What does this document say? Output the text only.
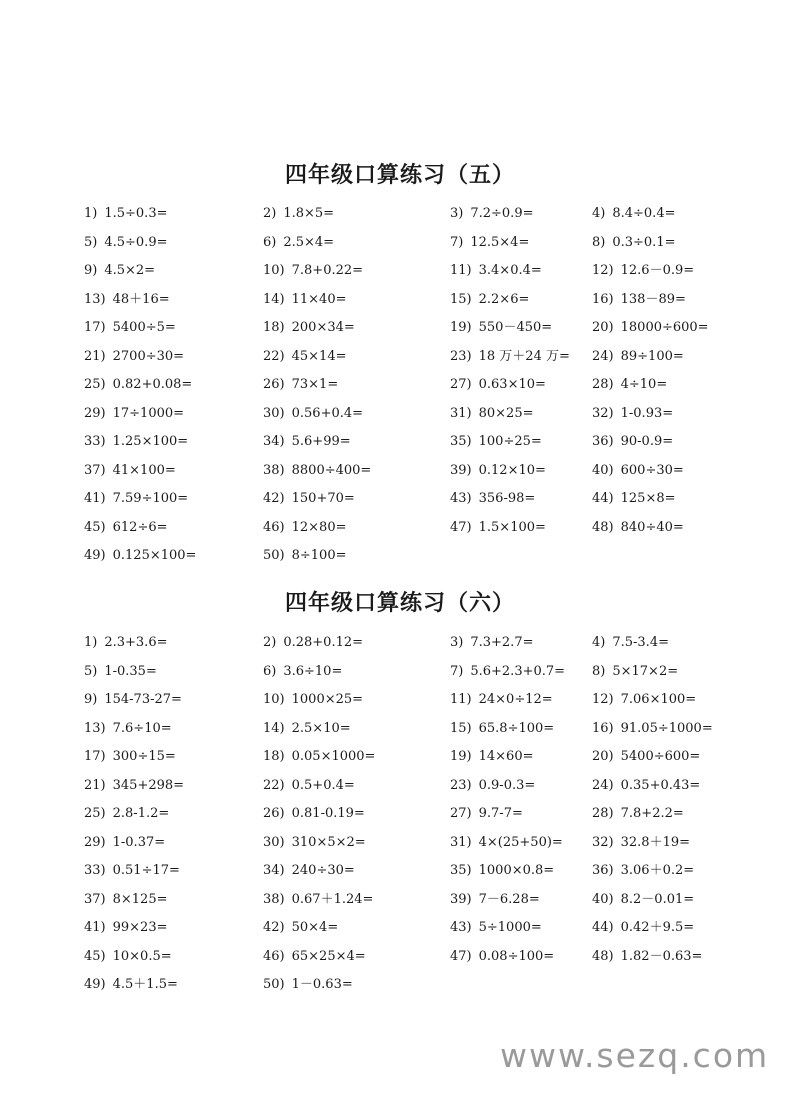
四年级口算练习（五）
1) 1.5÷0.3=	2) 1.8×5=	3) 7.2÷0.9=	4) 8.4÷0.4=
5) 4.5÷0.9=	6) 2.5×4=	7) 12.5×4=	8) 0.3÷0.1=
9) 4.5×2=	10) 7.8+0.22=	11) 3.4×0.4=	12) 12.6－0.9=
13) 48＋16=	14) 11×40=	15) 2.2×6=	16) 138－89=
17) 5400÷5=	18) 200×34=	19) 550－450=	20) 18000÷600=
21) 2700÷30=	22) 45×14=	23) 18 万＋24 万= 24) 89÷100=
25) 0.82+0.08=	26) 73×1=	27) 0.63×10=	28) 4÷10=
29) 17÷1000=	30) 0.56+0.4=	31) 80×25=	32) 1-0.93=
33) 1.25×100=	34) 5.6+99=	35) 100÷25=	36) 90-0.9=
37) 41×100=	38) 8800÷400=	39) 0.12×10=	40) 600÷30=
41) 7.59÷100=	42) 150+70=	43) 356-98=	44) 125×8=
45) 612÷6=	46) 12×80=	47) 1.5×100=	48) 840÷40=
49) 0.125×100=	50) 8÷100=
四年级口算练习（六）
1) 2.3+3.6=	2) 0.28+0.12=	3) 7.3+2.7=	4) 7.5-3.4=
5) 1-0.35=	6) 3.6÷10=	7) 5.6+2.3+0.7= 8) 5×17×2=
9) 154-73-27=	10) 1000×25=	11) 24×0÷12=	12) 7.06×100=
13) 7.6÷10=	14) 2.5×10=	15) 65.8÷100=	16) 91.05÷1000=
17) 300÷15=	18) 0.05×1000=	19) 14×60=	20) 5400÷600=
21) 345+298=	22) 0.5+0.4=	23) 0.9-0.3=	24) 0.35+0.43=
25) 2.8-1.2=	26) 0.81-0.19=	27) 9.7-7=	28) 7.8+2.2=
29) 1-0.37=	30) 310×5×2=	31) 4×(25+50)= 32) 32.8＋19=
33) 0.51÷17=	34) 240÷30=	35) 1000×0.8=	36) 3.06＋0.2=
37) 8×125=	38) 0.67＋1.24=	39) 7－6.28=	40) 8.2－0.01=
41) 99×23=	42) 50×4=	43) 5÷1000=	44) 0.42＋9.5=
45) 10×0.5=	46) 65×25×4=	47) 0.08÷100=	48) 1.82－0.63=
49) 4.5＋1.5=	50) 1－0.63=
www.sezq.com
